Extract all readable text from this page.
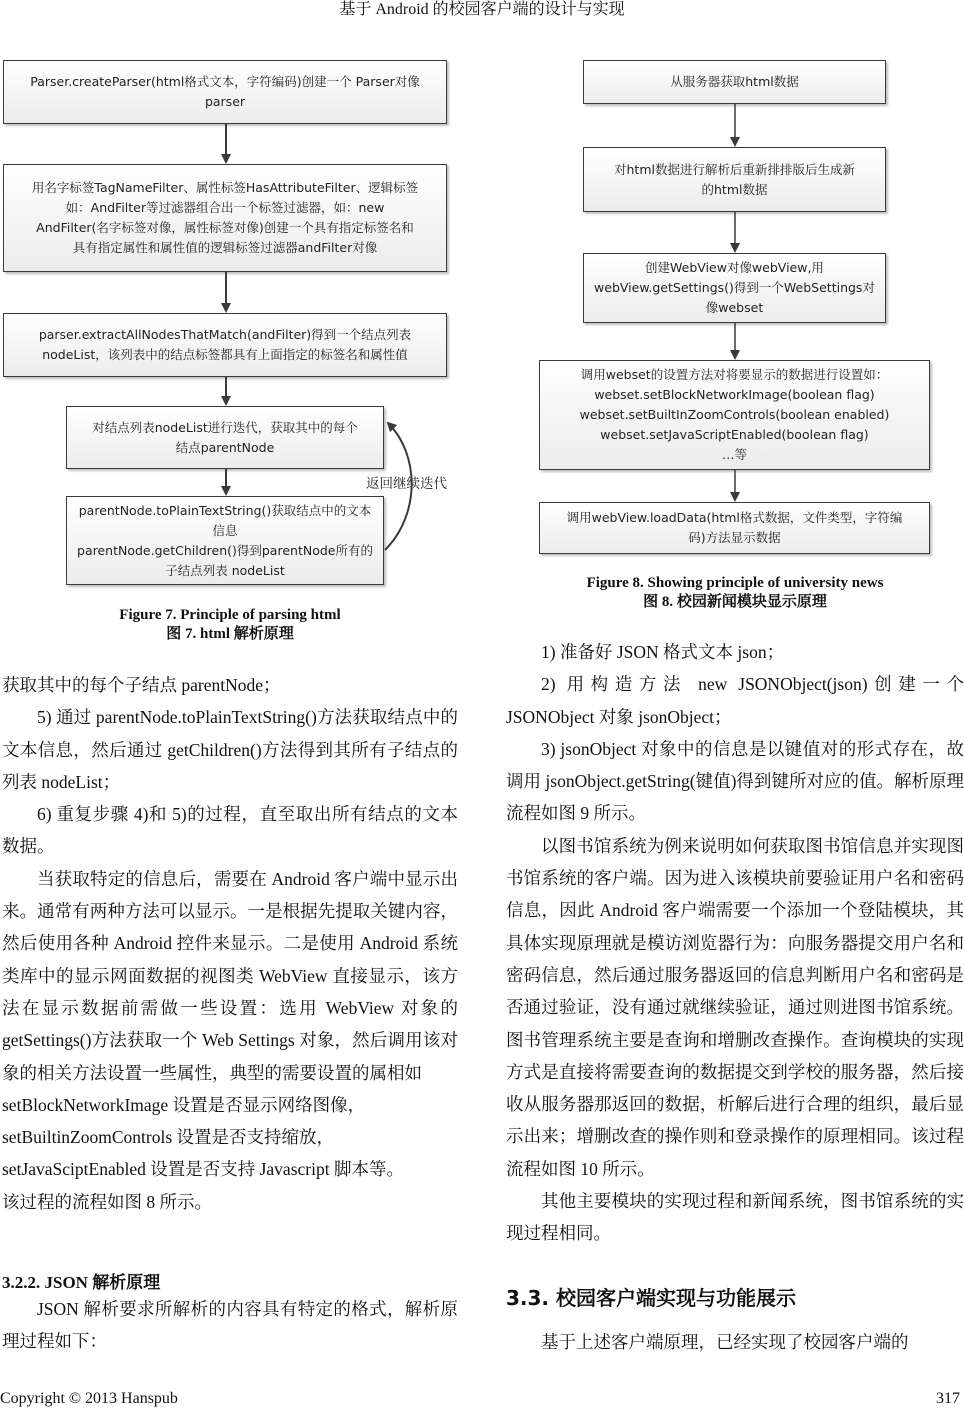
基于 Android 的校园客户端的设计与实现
Parser.createParser(html格式文本，字符编码)创建一个 Parser对像
parser
用名字标签TagNameFilter、属性标签HasAttributeFilter、逻辑标签
如：AndFilter等过滤器组合出一个标签过滤器，如：new
AndFilter(名字标签对像，属性标签对像)创建一个具有指定标签名和
具有指定属性和属性值的逻辑标签过滤器andFilter对像
parser.extractAllNodesThatMatch(andFilter)得到一个结点列表
nodeList，该列表中的结点标签都具有上面指定的标签名和属性值
对结点列表nodeList进行迭代，获取其中的每个
结点parentNode
parentNode.toPlainTextString()获取结点中的文本
信息
parentNode.getChildren()得到parentNode所有的
子结点列表 nodeList
返回继续迭代
Figure 7. Principle of parsing html
图 7. html 解析原理
从服务器获取html数据
对html数据进行解析后重新排排版后生成新
的html数据
创建WebView对像webView,用
webView.getSettings()得到一个WebSettings对
像webset
调用webset的设置方法对将要显示的数据进行设置如：
webset.setBlockNetworkImage(boolean flag)
webset.setBuiltInZoomControls(boolean enabled)
webset.setJavaScriptEnabled(boolean flag)
…等
调用webView.loadData(html格式数据，文件类型，字符编
码)方法显示数据
Figure 8. Showing principle of university news
图 8. 校园新闻模块显示原理

获取其中的每个子结点 parentNode；

5) 通过 parentNode.toPlainTextString()方法获取结点中的文本信息，然后通过 getChildren()方法得到其所有子结点的列表 nodeList；

6) 重复步骤 4)和 5)的过程，直至取出所有结点的文本数据。

当获取特定的信息后，需要在 Android 客户端中显示出来。通常有两种方法可以显示。一是根据先提取关键内容，然后使用各种 Android 控件来显示。二是使用 Android 系统类库中的显示网面数据的视图类 WebView 直接显示，该方法在显示数据前需做一些设置：选用 WebView 对象的 getSettings()方法获取一个 Web Settings 对象，然后调用该对象的相关方法设置一些属性，典型的需要设置的属相如

setBlockNetworkImage 设置是否显示网络图像，

setBuiltinZoomControls 设置是否支持缩放，

setJavaSciptEnabled 设置是否支持 Javascript 脚本等。

该过程的流程如图 8 所示。

3.2.2. JSON 解析原理

JSON 解析要求所解析的内容具有特定的格式，解析原理过程如下：

1) 准备好 JSON 格式文本 json；

2) 用构造方法 new JSONObject(json)创建一个 JSONObject 对象 jsonObject；

3) jsonObject 对象中的信息是以键值对的形式存在，故调用 jsonObject.getString(键值)得到键所对应的值。解析原理流程如图 9 所示。

以图书馆系统为例来说明如何获取图书馆信息并实现图书馆系统的客户端。因为进入该模块前要验证用户名和密码信息，因此 Android 客户端需要一个添加一个登陆模块，其具体实现原理就是模访浏览器行为：向服务器提交用户名和密码信息，然后通过服务器返回的信息判断用户名和密码是否通过验证，没有通过就继续验证，通过则进图书馆系统。图书管理系统主要是查询和增删改查操作。查询模块的实现方式是直接将需要查询的数据提交到学校的服务器，然后接收从服务器那返回的数据，析解后进行合理的组织，最后显示出来；增删改查的操作则和登录操作的原理相同。该过程流程如图 10 所示。

其他主要模块的实现过程和新闻系统，图书馆系统的实现过程相同。

3.3. 校园客户端实现与功能展示

基于上述客户端原理，已经实现了校园客户端的

Copyright © 2013 Hanspub	317
